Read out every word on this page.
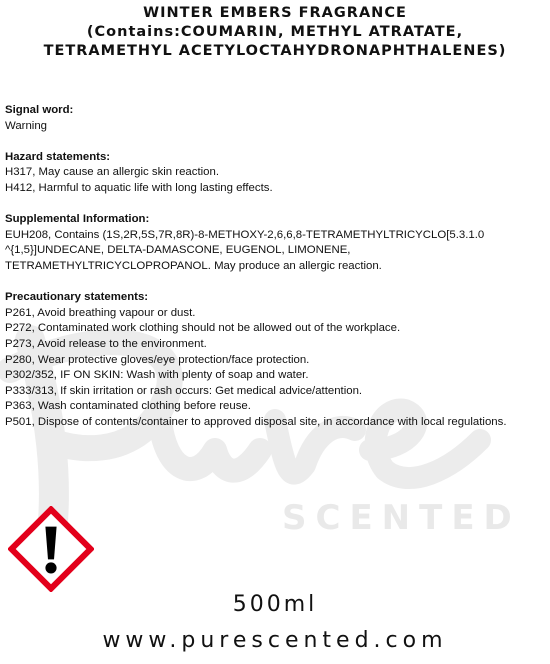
SCENTED
WINTER EMBERS FRAGRANCE
(Contains:COUMARIN, METHYL ATRATATE,
TETRAMETHYL ACETYLOCTAHYDRONAPHTHALENES)
Signal word:
Warning
Hazard statements:
H317, May cause an allergic skin reaction.
H412, Harmful to aquatic life with long lasting effects.
Supplemental Information:
EUH208, Contains (1S,2R,5S,7R,8R)-8-METHOXY-2,6,6,8-TETRAMETHYLTRICYCLO[5.3.1.0
^{1,5}]UNDECANE, DELTA-DAMASCONE, EUGENOL, LIMONENE,
TETRAMETHYLTRICYCLOPROPANOL. May produce an allergic reaction.
Precautionary statements:
P261, Avoid breathing vapour or dust.
P272, Contaminated work clothing should not be allowed out of the workplace.
P273, Avoid release to the environment.
P280, Wear protective gloves/eye protection/face protection.
P302/352, IF ON SKIN: Wash with plenty of soap and water.
P333/313, If skin irritation or rash occurs: Get medical advice/attention.
P363, Wash contaminated clothing before reuse.
P501, Dispose of contents/container to approved disposal site, in accordance with local regulations.
500ml
www.purescented.com
